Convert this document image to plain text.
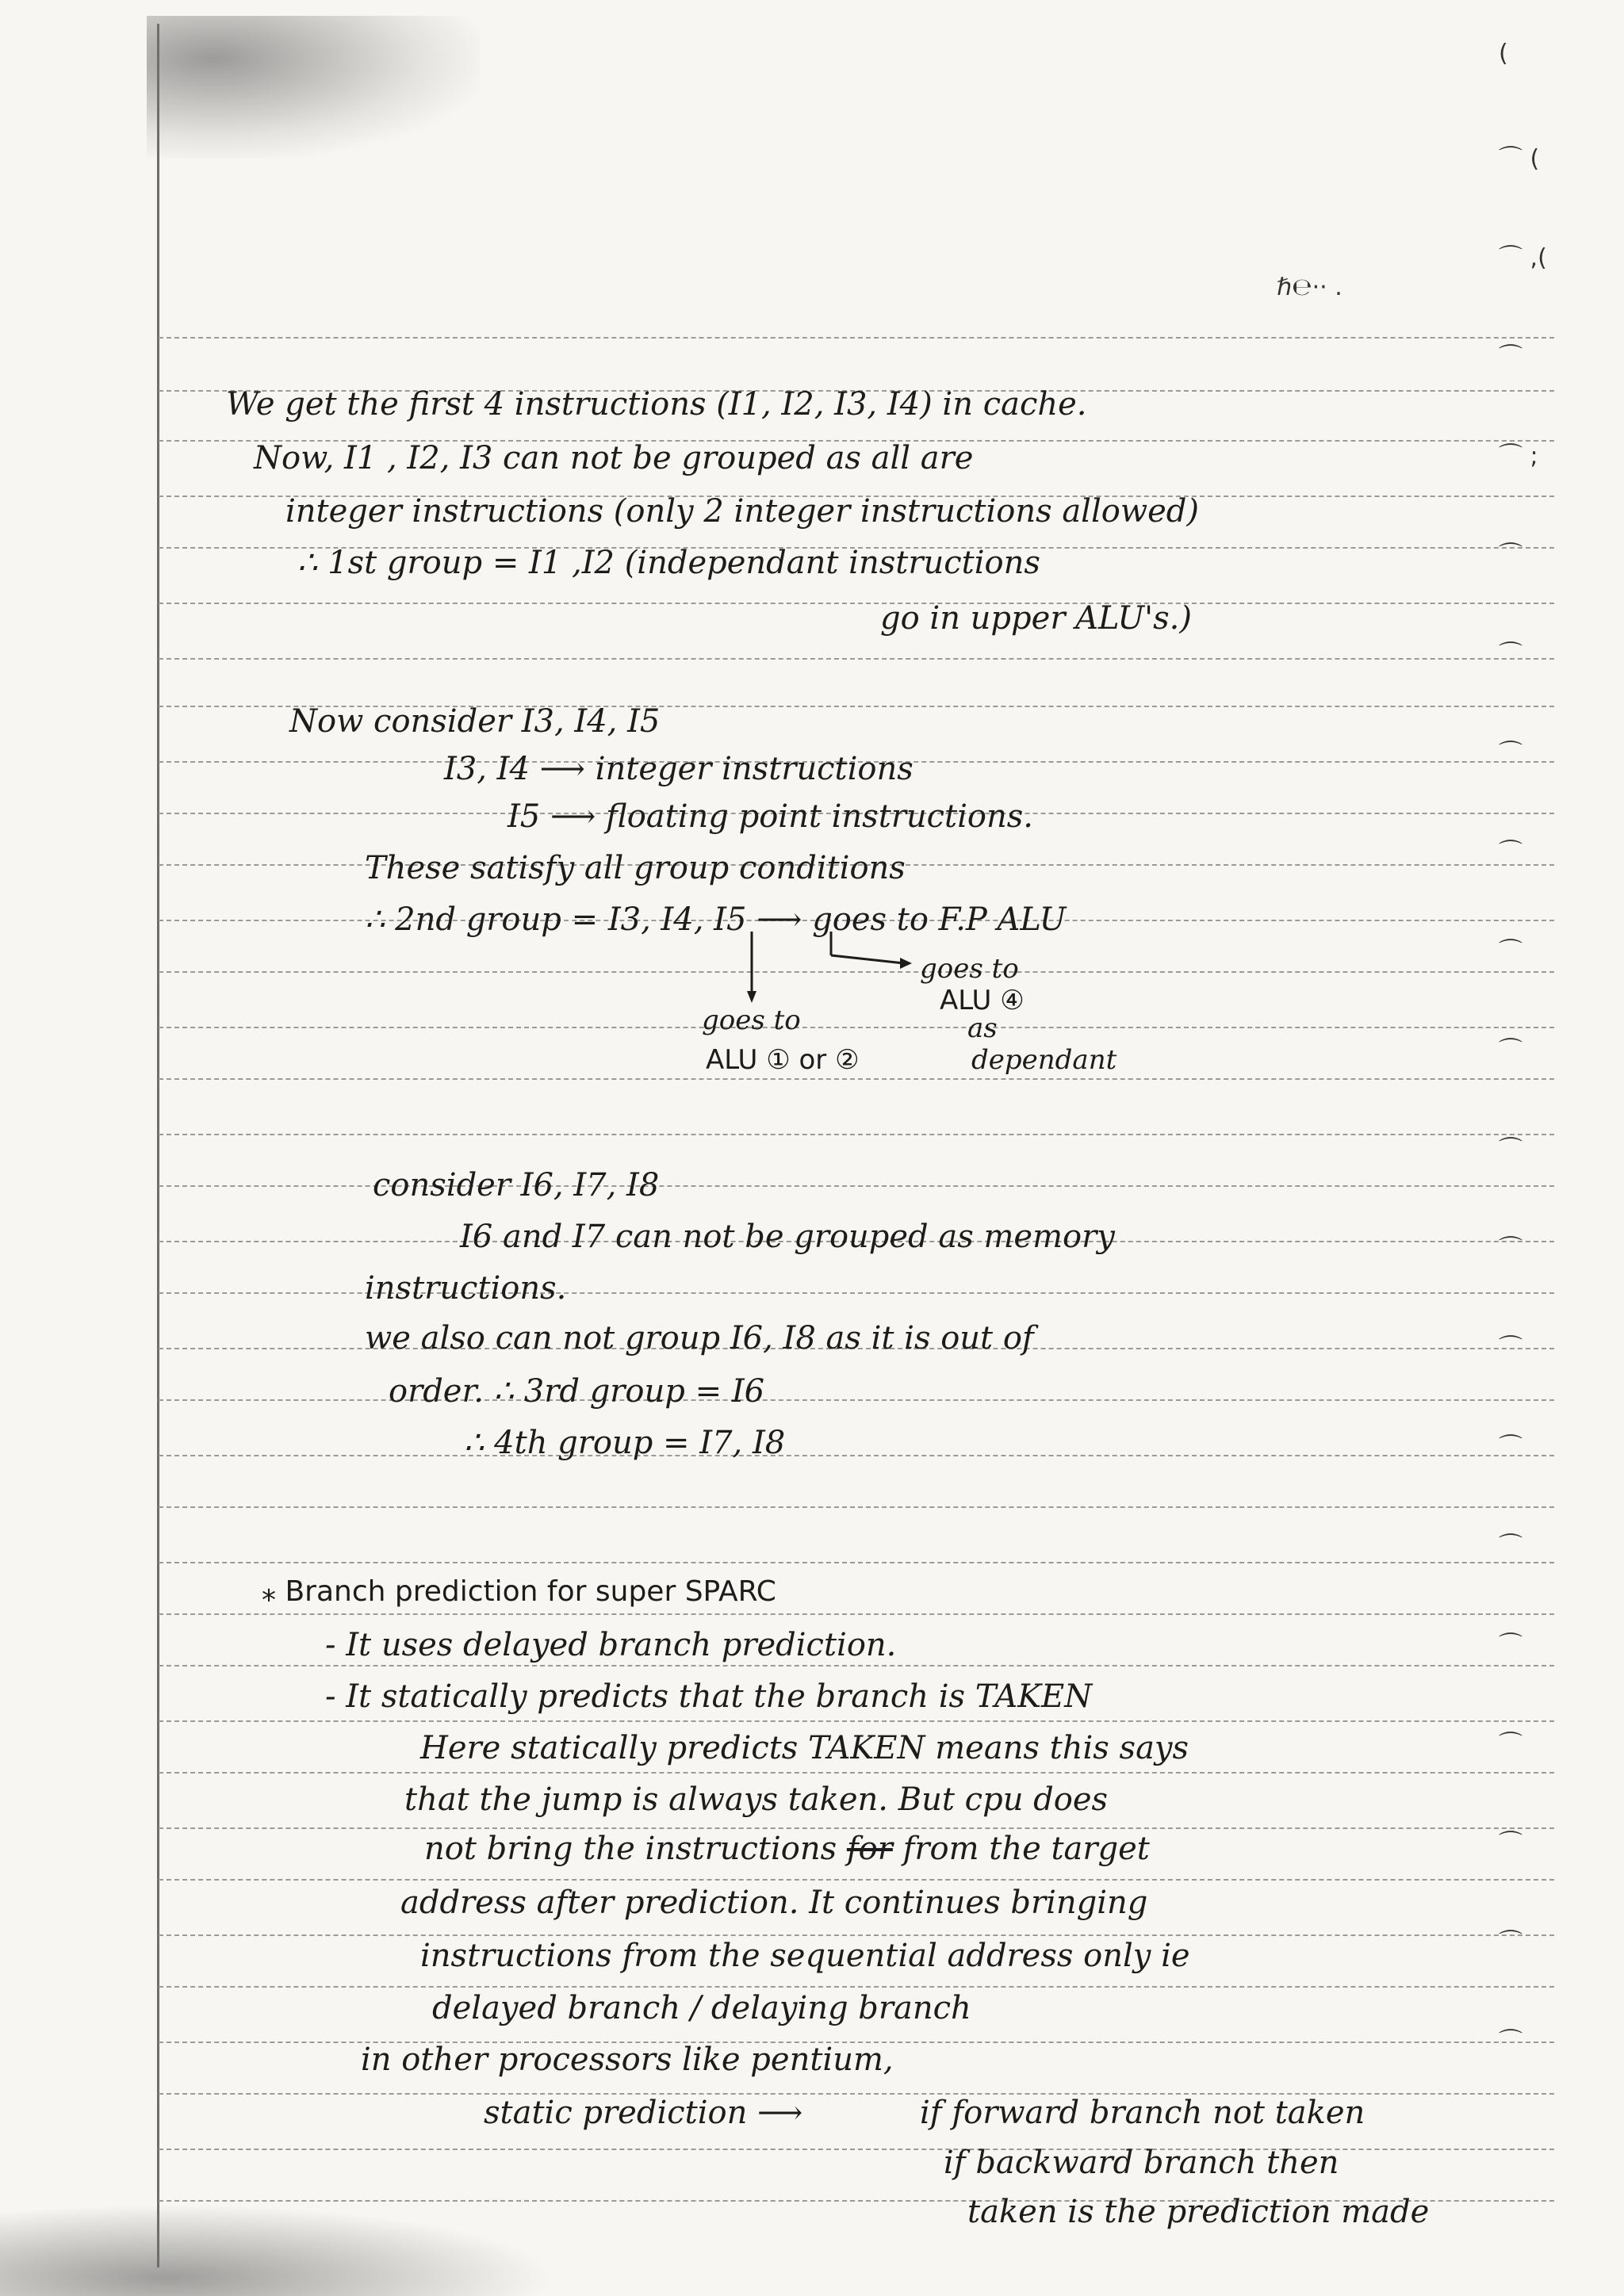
(
⌒ (
⌒ ,(
⌒
⌒ ;
⌒
⌒
⌒
⌒
⌒
⌒
⌒
⌒
⌒
⌒
⌒
⌒
⌒
⌒
⌒
⌒
ℏ℮·· .
We get the first 4 instructions (I1, I2, I3, I4) in cache.
Now, I1 , I2, I3 can not be grouped as all are
integer instructions (only 2 integer instructions allowed)
∴ 1st group = I1 ,I2 (independant instructions
go in upper ALU's.)
Now consider I3, I4, I5
I3, I4 ⟶ integer instructions
I5 ⟶ floating point instructions.
These satisfy all group conditions
∴ 2nd group = I3, I4, I5 ⟶ goes to F.P ALU
goes to
ALU ① or ②
goes to
ALU ④
as
dependant
consider I6, I7, I8
I6 and I7 can not be grouped as memory
instructions.
we also can not group I6, I8 as it is out of
order. ∴ 3rd group = I6
∴ 4th group = I7, I8
⁎ Branch prediction for super SPARC
- It uses delayed branch prediction.
- It statically predicts that the branch is TAKEN
Here statically predicts TAKEN means this says
that the jump is always taken. But cpu does
not bring the instructions for from the target
address after prediction. It continues bringing
instructions from the sequential address only ie
delayed branch / delaying branch
in other processors like pentium,
static prediction ⟶	if forward branch not taken
if backward branch then
taken is the prediction made
